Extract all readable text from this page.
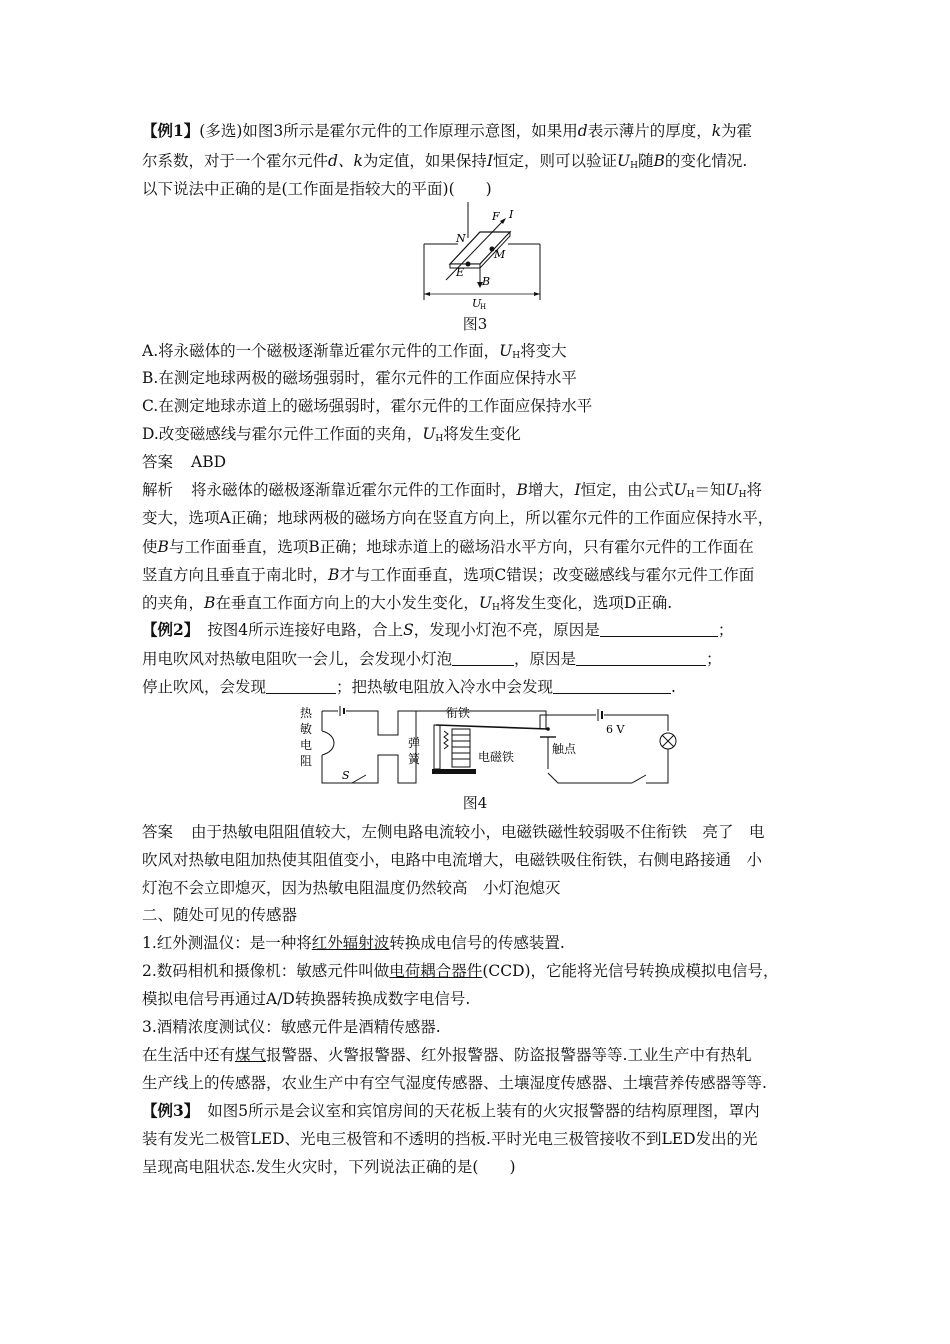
【例1】(多选)如图3所示是霍尔元件的工作原理示意图，如果用d表示薄片的厚度，k为霍
尔系数，对于一个霍尔元件d、k为定值，如果保持I恒定，则可以验证$U_H$随B的变化情况.
以下说法中正确的是(工作面是指较大的平面)(　　)
F I
N
M
E
B
U
H
图3
A.将永磁体的一个磁极逐渐靠近霍尔元件的工作面，$U_H$将变大
B.在测定地球两极的磁场强弱时，霍尔元件的工作面应保持水平
C.在测定地球赤道上的磁场强弱时，霍尔元件的工作面应保持水平
D.改变磁感线与霍尔元件工作面的夹角，$U_H$将发生变化
答案 ABD
解析 将永磁体的磁极逐渐靠近霍尔元件的工作面时，B增大，I恒定，由公式$U_H=$知$U_H$将
变大，选项A正确；地球两极的磁场方向在竖直方向上，所以霍尔元件的工作面应保持水平，
使B与工作面垂直，选项B正确；地球赤道上的磁场沿水平方向，只有霍尔元件的工作面在
竖直方向且垂直于南北时，B才与工作面垂直，选项C错误；改变磁感线与霍尔元件工作面
的夹角，B在垂直工作面方向上的大小发生变化，$U_H$将发生变化，选项D正确.
【例2】 按图4所示连接好电路，合上S，发现小灯泡不亮，原因是	；
用电吹风对热敏电阻吹一会儿，会发现小灯泡	，原因是	；
停止吹风，会发现	；把热敏电阻放入冷水中会发现	.
热
敏
电
阻
S
弹
簧
衔铁
电磁铁
触点
6 V
图4
答案 由于热敏电阻阻值较大，左侧电路电流较小，电磁铁磁性较弱吸不住衔铁　亮了　电
吹风对热敏电阻加热使其阻值变小，电路中电流增大，电磁铁吸住衔铁，右侧电路接通　小
灯泡不会立即熄灭，因为热敏电阻温度仍然较高　小灯泡熄灭
二、随处可见的传感器
1.红外测温仪：是一种将红外辐射波转换成电信号的传感装置.
2.数码相机和摄像机：敏感元件叫做电荷耦合器件(CCD)，它能将光信号转换成模拟电信号，
模拟电信号再通过A/D转换器转换成数字电信号.
3.酒精浓度测试仪：敏感元件是酒精传感器.
在生活中还有煤气报警器、火警报警器、红外报警器、防盗报警器等等.工业生产中有热轧
生产线上的传感器，农业生产中有空气湿度传感器、土壤湿度传感器、土壤营养传感器等等.
【例3】 如图5所示是会议室和宾馆房间的天花板上装有的火灾报警器的结构原理图，罩内
装有发光二极管LED、光电三极管和不透明的挡板.平时光电三极管接收不到LED发出的光
呈现高电阻状态.发生火灾时，下列说法正确的是(　　)
